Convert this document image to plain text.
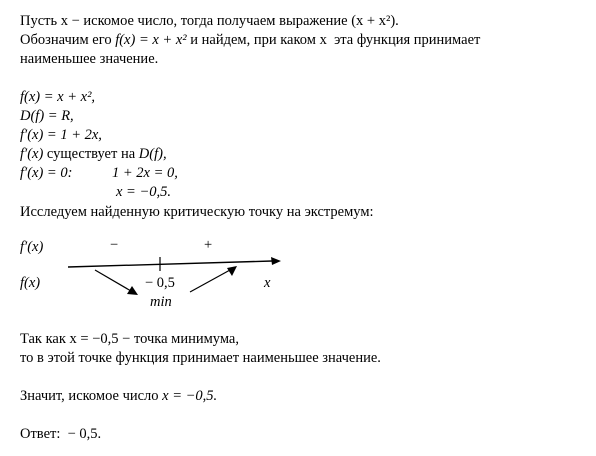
Пусть x − искомое число, тогда получаем выражение (x + x²).
Обозначим его f(x) = x + x² и найдем, при каком x  эта функция принимает
наименьшее значение.
f(x) = x + x²,
D(f) = R,
f′(x) = 1 + 2x,
f′(x) существует на D(f),
f′(x) = 0:	1 + 2x = 0,
x = −0,5.
Исследуем найденную критическую точку на экстремум:
f′(x)	−	+
f(x)	− 0,5	x
min
Так как x = −0,5 − точка минимума,
то в этой точке функция принимает наименьшее значение.
Значит, искомое число x = −0,5.
Ответ: − 0,5.
